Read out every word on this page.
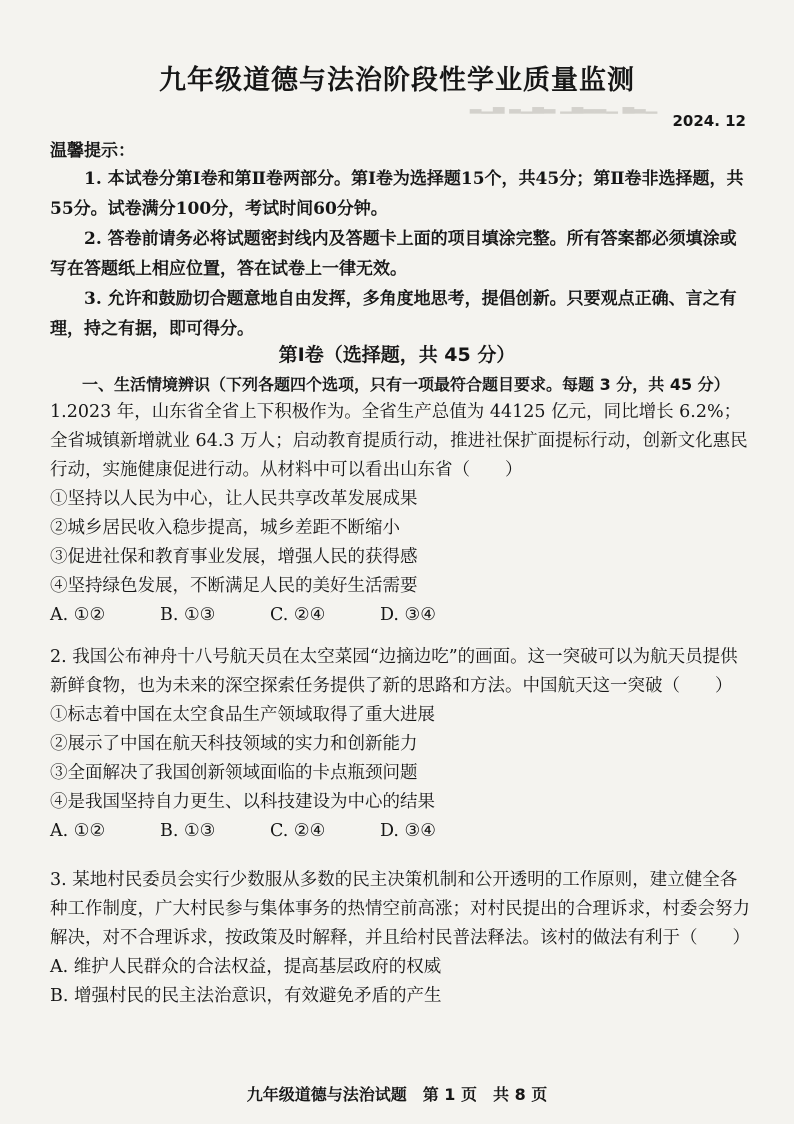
▁▂▃ ▁▂▂▃▁ ▂▃▁▂ ▃▁▂
九年级道德与法治阶段性学业质量监测
2024. 12
温馨提示：

1. 本试卷分第Ⅰ卷和第Ⅱ卷两部分。第Ⅰ卷为选择题15个，共45分；第Ⅱ卷非选择题，共55分。试卷满分100分，考试时间60分钟。

2. 答卷前请务必将试题密封线内及答题卡上面的项目填涂完整。所有答案都必须填涂或写在答题纸上相应位置，答在试卷上一律无效。

3. 允许和鼓励切合题意地自由发挥，多角度地思考，提倡创新。只要观点正确、言之有理，持之有据，即可得分。

第Ⅰ卷（选择题，共 45 分）
一、生活情境辨识（下列各题四个选项，只有一项最符合题目要求。每题 3 分，共 45 分）

1.2023 年，山东省全省上下积极作为。全省生产总值为 44125 亿元，同比增长 6.2%；全省城镇新增就业 64.3 万人；启动教育提质行动，推进社保扩面提标行动，创新文化惠民行动，实施健康促进行动。从材料中可以看出山东省（　　）

①坚持以人民为中心，让人民共享改革发展成果

②城乡居民收入稳步提高，城乡差距不断缩小

③促进社保和教育事业发展，增强人民的获得感

④坚持绿色发展，不断满足人民的美好生活需要

A. ①②	B. ①③	C. ②④	D. ③④

2. 我国公布神舟十八号航天员在太空菜园“边摘边吃”的画面。这一突破可以为航天员提供新鲜食物，也为未来的深空探索任务提供了新的思路和方法。中国航天这一突破（　　）

①标志着中国在太空食品生产领域取得了重大进展

②展示了中国在航天科技领域的实力和创新能力

③全面解决了我国创新领域面临的卡点瓶颈问题

④是我国坚持自力更生、以科技建设为中心的结果

A. ①②	B. ①③	C. ②④	D. ③④

3. 某地村民委员会实行少数服从多数的民主决策机制和公开透明的工作原则，建立健全各种工作制度，广大村民参与集体事务的热情空前高涨；对村民提出的合理诉求，村委会努力解决，对不合理诉求，按政策及时解释，并且给村民普法释法。该村的做法有利于（　　）

A. 维护人民群众的合法权益，提高基层政府的权威

B. 增强村民的民主法治意识，有效避免矛盾的产生

九年级道德与法治试题　第 1 页　共 8 页
